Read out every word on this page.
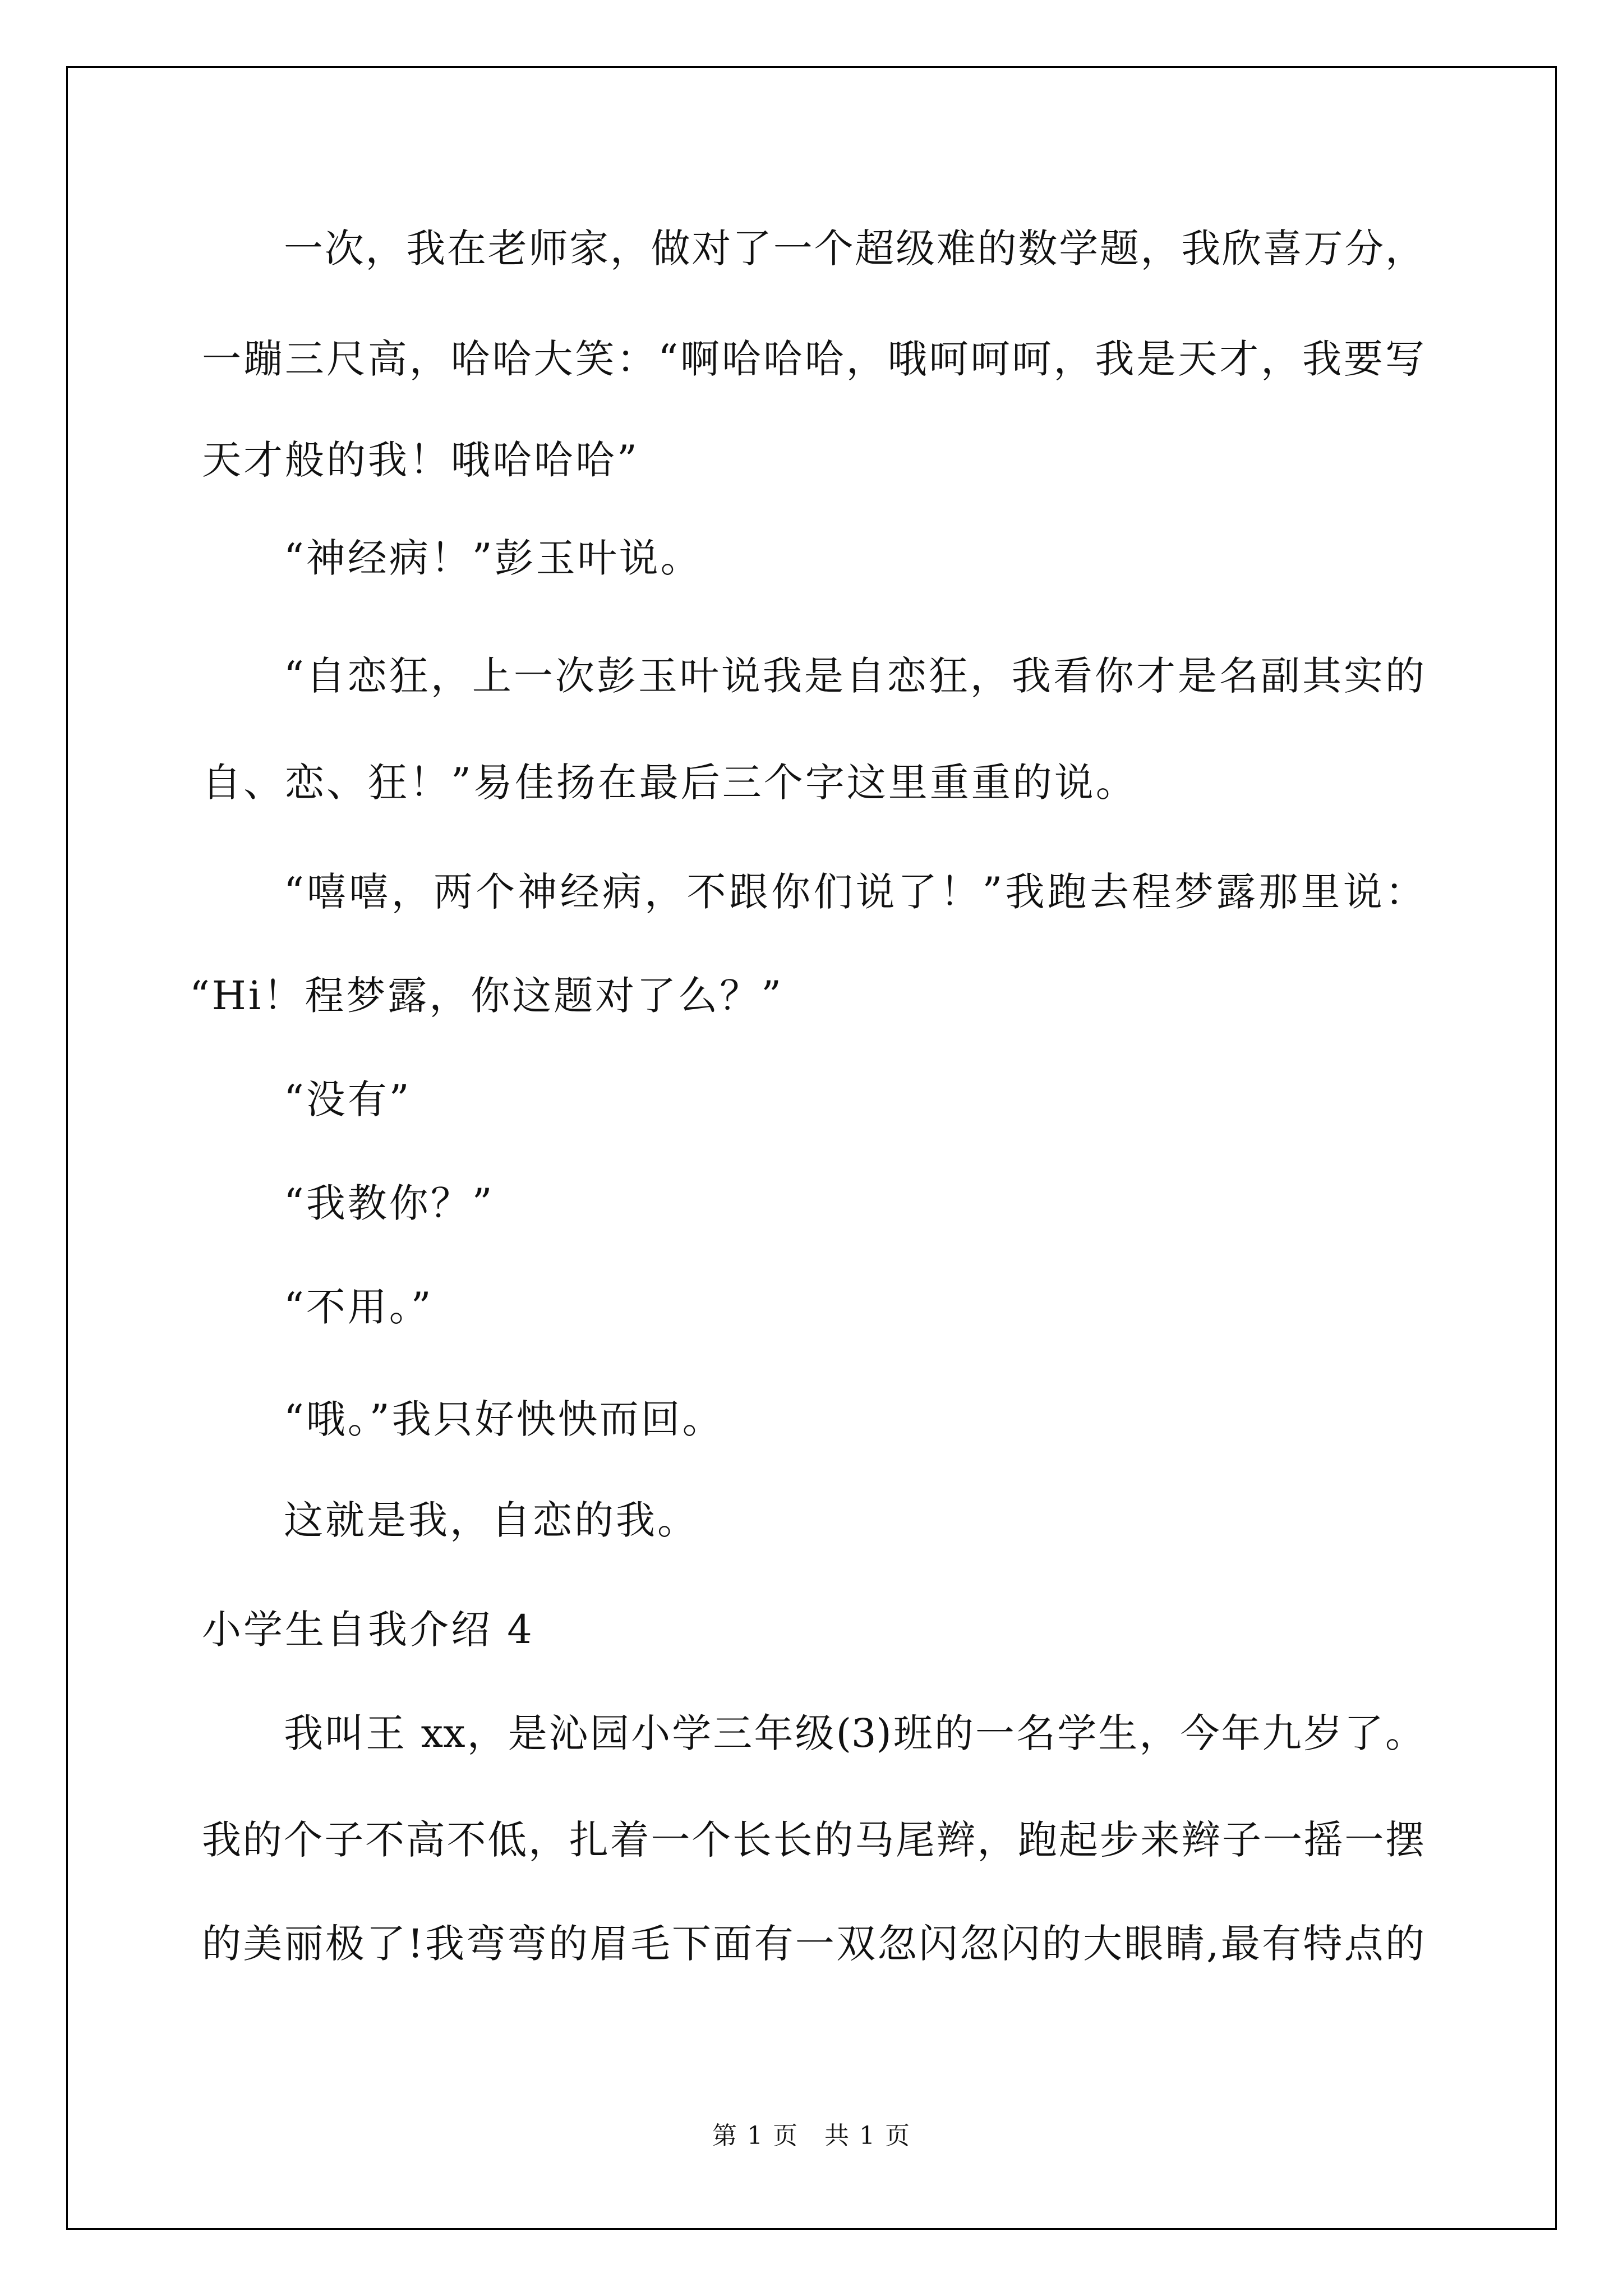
一次，我在老师家，做对了一个超级难的数学题，我欣喜万分，
一蹦三尺高，哈哈大笑：“啊哈哈哈，哦呵呵呵，我是天才，我要写
天才般的我！哦哈哈哈”
“神经病！”彭玉叶说。
“自恋狂，上一次彭玉叶说我是自恋狂，我看你才是名副其实的
自、恋、狂！”易佳扬在最后三个字这里重重的说。
“嘻嘻，两个神经病，不跟你们说了！”我跑去程梦露那里说：
“Hi！程梦露，你这题对了么？”
“没有”
“我教你？”
“不用。”
“哦。”我只好怏怏而回。
这就是我，自恋的我。
小学生自我介绍 4
我叫王 xx，是沁园小学三年级(3)班的一名学生，今年九岁了。
我的个子不高不低，扎着一个长长的马尾辫，跑起步来辫子一摇一摆
的美丽极了!我弯弯的眉毛下面有一双忽闪忽闪的大眼睛,最有特点的
第 1 页　共 1 页
